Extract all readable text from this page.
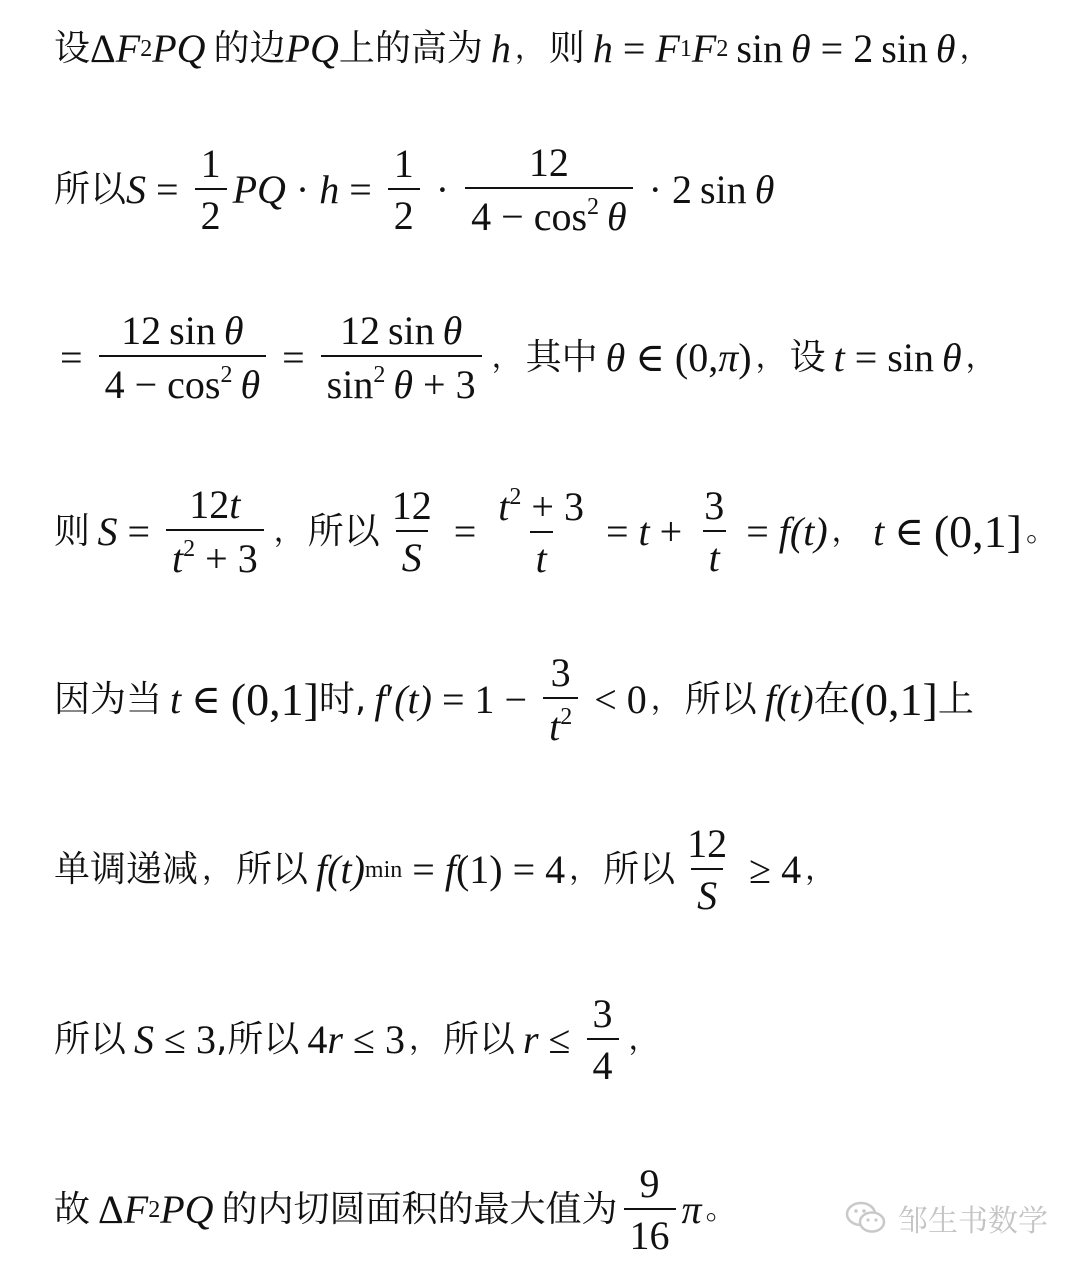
设 Δ F 2 PQ 的边 PQ 上的高为 h ， 则 h = F 1 F 2 sin θ = 2 sin θ ，
所以 $S = \frac{1}{2}$ PQ · $h = \frac{1}{2} \cdot \frac{12}{4 - \cos^2 \theta} \cdot 2$ sin θ
= $\frac{\text{12 sin θ}}{4 - \cos^2 \theta} = \frac{\text{12 sin θ}}{\sin^2 \theta + 3}$ ， 其中 θ ∈ ( 0 , π ) ， 设 t = sin θ ，
则 $S = \frac{12t}{t^2 + 3}$ ， 所以 $\frac{12}{S} = \frac{t^2 + 3}{t} = t + \frac{3}{t} = f$ (t) ， t ∈ (0,1] 。
因为当 t ∈ (0,1] 时, f ′ $(t) = 1 - \frac{3}{t^2} < 0$ ， 所以 f (t) 在 (0,1] 上
单调递减 ， 所以 f (t) min = f (1) = 4 ， 所以 $\frac{12}{S} \ge 4$ ，
所以 S ≤ 3 ,所以 4 r ≤ 3 ， 所以 $r \le \frac{3}{4}$ ，
故 Δ F 2 PQ 的内切圆面积的最大值为 $\frac{9}{16}$ π 。	邹生书数学
